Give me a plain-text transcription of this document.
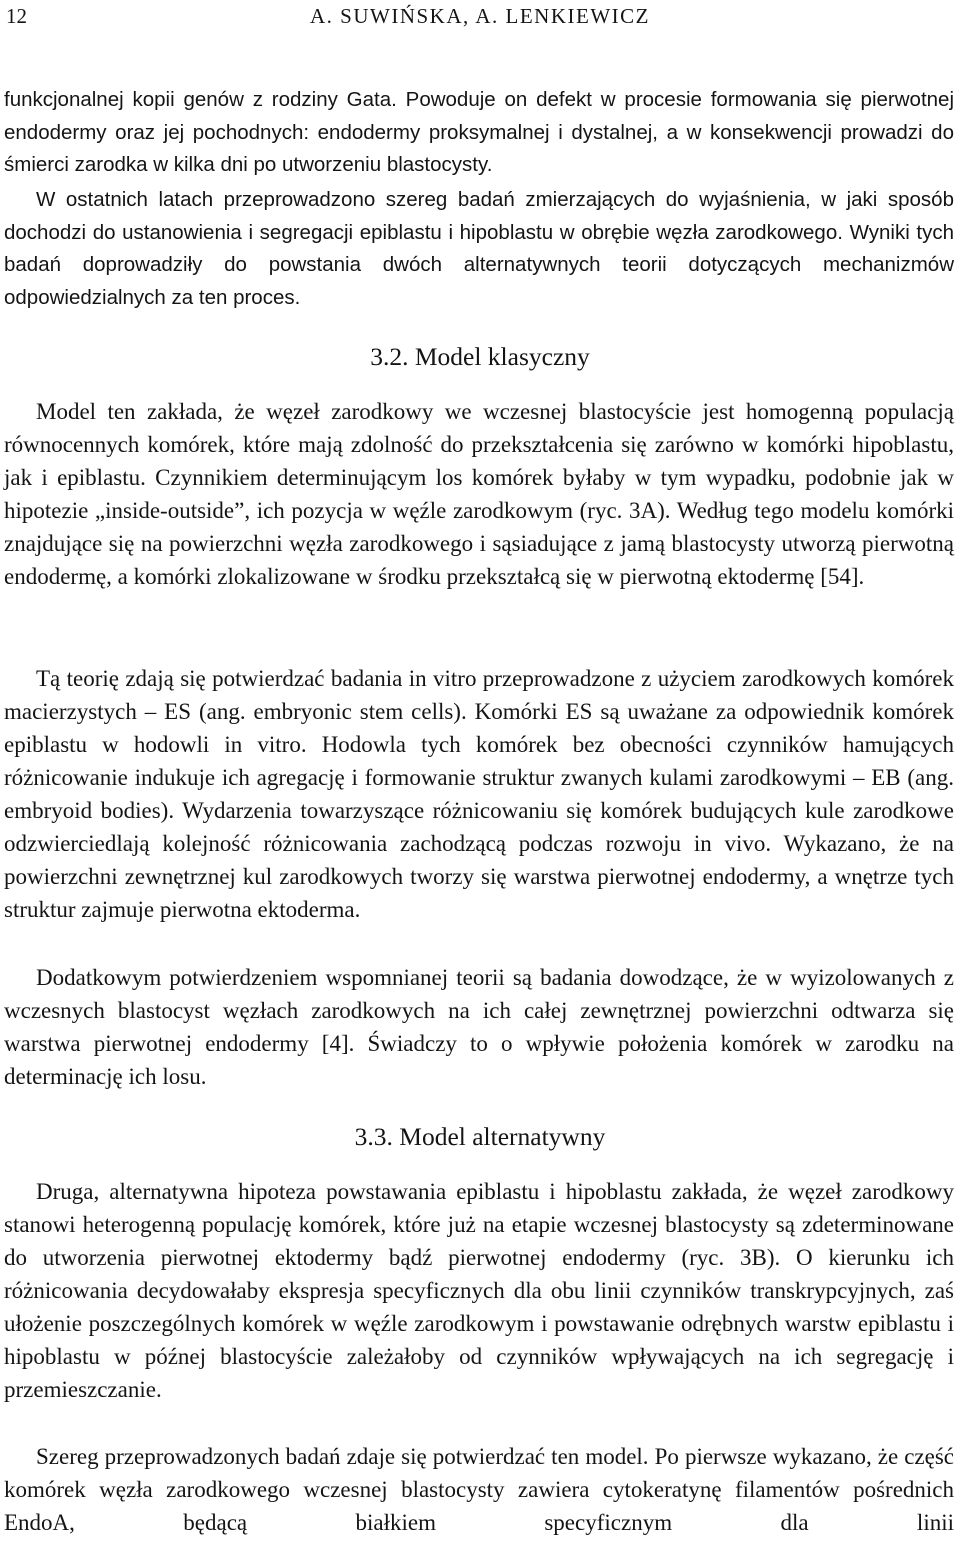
12	A. SUWIŃSKA, A. LENKIEWICZ

funkcjonalnej kopii genów z rodziny Gata. Powoduje on defekt w procesie formowania się pierwotnej endodermy oraz jej pochodnych: endodermy proksymalnej i dystalnej, a w konsekwencji prowadzi do śmierci zarodka w kilka dni po utworzeniu blastocysty.

W ostatnich latach przeprowadzono szereg badań zmierzających do wyjaśnienia, w jaki sposób dochodzi do ustanowienia i segregacji epiblastu i hipoblastu w obrębie węzła zarodkowego. Wyniki tych badań doprowadziły do powstania dwóch alternatywnych teorii dotyczących mechanizmów odpowiedzialnych za ten proces.

3.2. Model klasyczny

Model ten zakłada, że węzeł zarodkowy we wczesnej blastocyście jest homogenną populacją równocennych komórek, które mają zdolność do przekształcenia się zarówno w komórki hipoblastu, jak i epiblastu. Czynnikiem determinującym los komórek byłaby w tym wypadku, podobnie jak w hipotezie „inside-outside”, ich pozycja w węźle zarodkowym (ryc. 3A). Według tego modelu komórki znajdujące się na powierzchni węzła zarodkowego i sąsiadujące z jamą blastocysty utworzą pierwotną endodermę, a komórki zlokalizowane w środku przekształcą się w pierwotną ektodermę [54].

Tą teorię zdają się potwierdzać badania in vitro przeprowadzone z użyciem zarodkowych komórek macierzystych – ES (ang. embryonic stem cells). Komórki ES są uważane za odpowiednik komórek epiblastu w hodowli in vitro. Hodowla tych komórek bez obecności czynników hamujących różnicowanie indukuje ich agregację i formowanie struktur zwanych kulami zarodkowymi – EB (ang. embryoid bodies). Wydarzenia towarzyszące różnicowaniu się komórek budujących kule zarodkowe odzwierciedlają kolejność różnicowania zachodzącą podczas rozwoju in vivo. Wykazano, że na powierzchni zewnętrznej kul zarodkowych tworzy się warstwa pierwotnej endodermy, a wnętrze tych struktur zajmuje pierwotna ektoderma.

Dodatkowym potwierdzeniem wspomnianej teorii są badania dowodzące, że w wyizolowanych z wczesnych blastocyst węzłach zarodkowych na ich całej zewnętrznej powierzchni odtwarza się warstwa pierwotnej endodermy [4]. Świadczy to o wpływie położenia komórek w zarodku na determinację ich losu.

3.3. Model alternatywny

Druga, alternatywna hipoteza powstawania epiblastu i hipoblastu zakłada, że węzeł zarodkowy stanowi heterogenną populację komórek, które już na etapie wczesnej blastocysty są zdeterminowane do utworzenia pierwotnej ektodermy bądź pierwotnej endodermy (ryc. 3B). O kierunku ich różnicowania decydowałaby ekspresja specyficznych dla obu linii czynników transkrypcyjnych, zaś ułożenie poszczególnych komórek w węźle zarodkowym i powstawanie odrębnych warstw epiblastu i hipoblastu w późnej blastocyście zależałoby od czynników wpływających na ich segregację i przemieszczanie.

Szereg przeprowadzonych badań zdaje się potwierdzać ten model. Po pierwsze wykazano, że część komórek węzła zarodkowego wczesnej blastocysty zawiera cytokeratynę filamentów pośrednich EndoA, będącą białkiem specyficznym dla linii
